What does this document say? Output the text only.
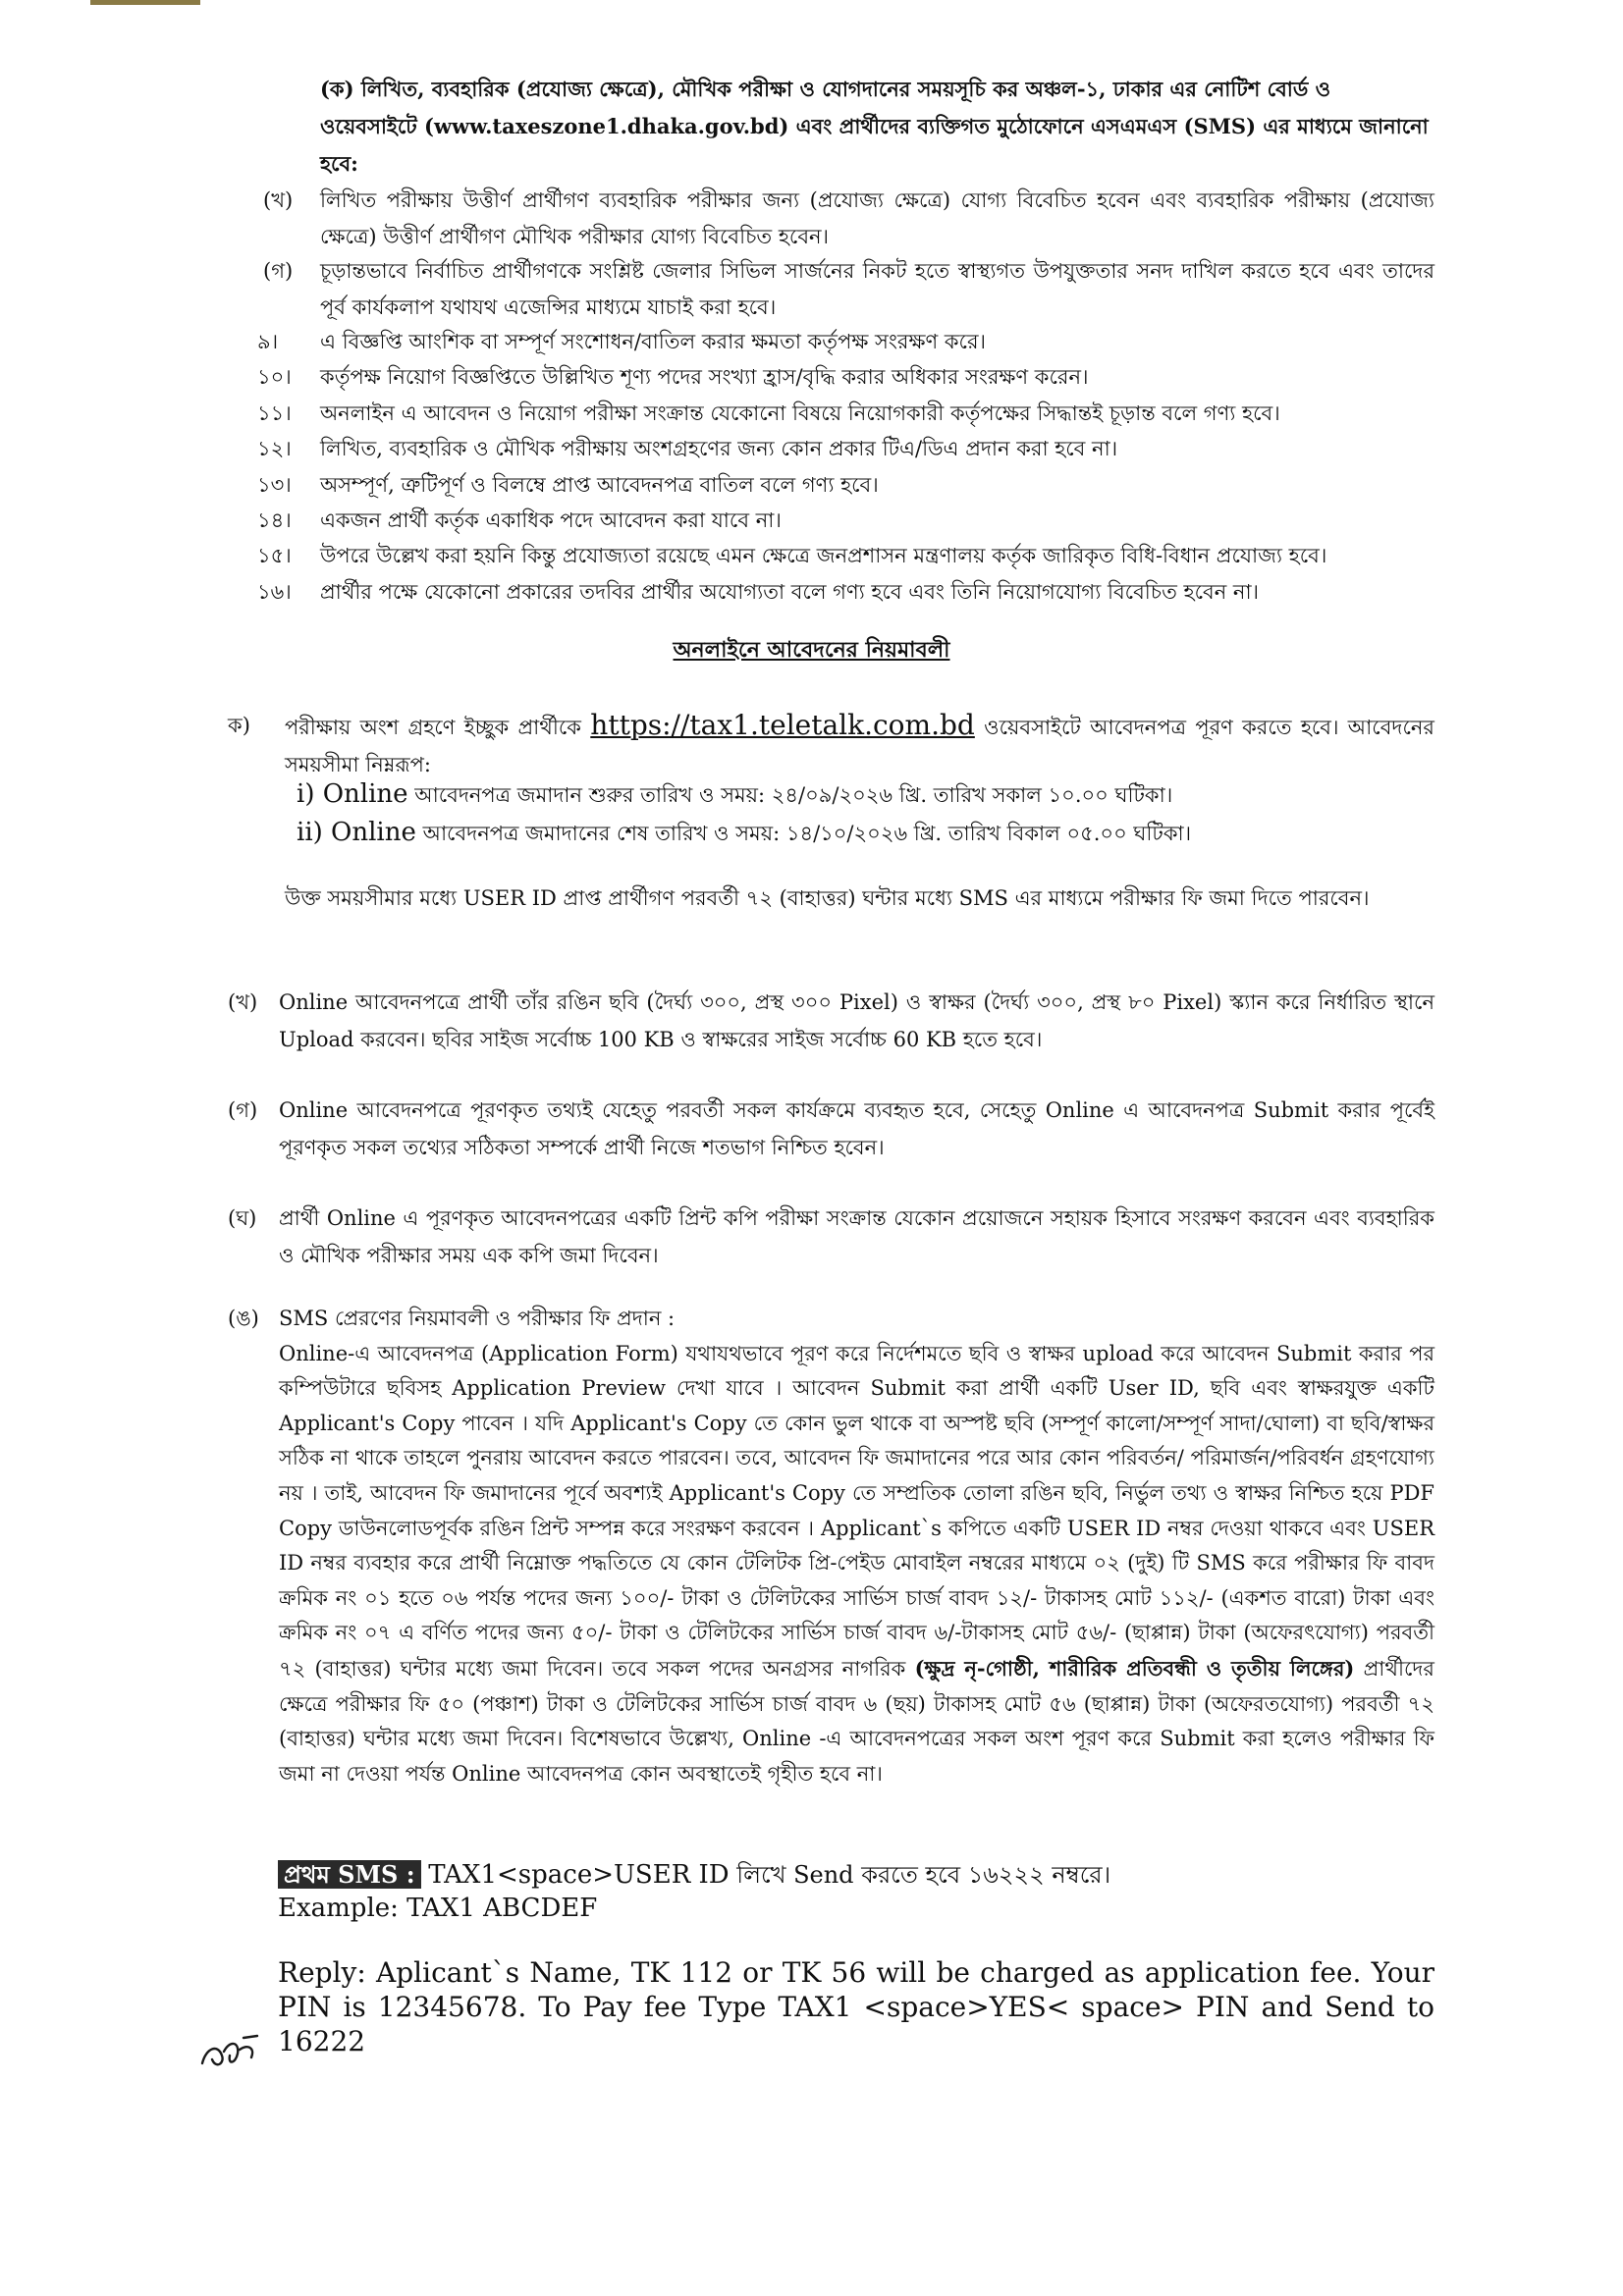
(ক) লিখিত, ব্যবহারিক (প্রযোজ্য ক্ষেত্রে), মৌখিক পরীক্ষা ও যোগদানের সময়সূচি কর অঞ্চল-১, ঢাকার এর নোটিশ বোর্ড ও ওয়েবসাইটে (www.taxeszone1.dhaka.gov.bd) এবং প্রার্থীদের ব্যক্তিগত মুঠোফোনে এসএমএস (SMS) এর মাধ্যমে জানানো হবে:
(খ)	লিখিত পরীক্ষায় উত্তীর্ণ প্রার্থীগণ ব্যবহারিক পরীক্ষার জন্য (প্রযোজ্য ক্ষেত্রে) যোগ্য বিবেচিত হবেন এবং ব্যবহারিক পরীক্ষায় (প্রযোজ্য ক্ষেত্রে) উত্তীর্ণ প্রার্থীগণ মৌখিক পরীক্ষার যোগ্য বিবেচিত হবেন।
(গ)	চূড়ান্তভাবে নির্বাচিত প্রার্থীগণকে সংশ্লিষ্ট জেলার সিভিল সার্জনের নিকট হতে স্বাস্থ্যগত উপযুক্ততার সনদ দাখিল করতে হবে এবং তাদের পূর্ব কার্যকলাপ যথাযথ এজেন্সির মাধ্যমে যাচাই করা হবে।
৯।	এ বিজ্ঞপ্তি আংশিক বা সম্পূর্ণ সংশোধন/বাতিল করার ক্ষমতা কর্তৃপক্ষ সংরক্ষণ করে।
১০।	কর্তৃপক্ষ নিয়োগ বিজ্ঞপ্তিতে উল্লিখিত শূণ্য পদের সংখ্যা হ্রাস/বৃদ্ধি করার অধিকার সংরক্ষণ করেন।
১১।	অনলাইন এ আবেদন ও নিয়োগ পরীক্ষা সংক্রান্ত যেকোনো বিষয়ে নিয়োগকারী কর্তৃপক্ষের সিদ্ধান্তই চূড়ান্ত বলে গণ্য হবে।
১২।	লিখিত, ব্যবহারিক ও মৌখিক পরীক্ষায় অংশগ্রহণের জন্য কোন প্রকার টিএ/ডিএ প্রদান করা হবে না।
১৩।	অসম্পূর্ণ, ত্রুটিপূর্ণ ও বিলম্বে প্রাপ্ত আবেদনপত্র বাতিল বলে গণ্য হবে।
১৪।	একজন প্রার্থী কর্তৃক একাধিক পদে আবেদন করা যাবে না।
১৫।	উপরে উল্লেখ করা হয়নি কিন্তু প্রযোজ্যতা রয়েছে এমন ক্ষেত্রে জনপ্রশাসন মন্ত্রণালয় কর্তৃক জারিকৃত বিধি-বিধান প্রযোজ্য হবে।
১৬।	প্রার্থীর পক্ষে যেকোনো প্রকারের তদবির প্রার্থীর অযোগ্যতা বলে গণ্য হবে এবং তিনি নিয়োগযোগ্য বিবেচিত হবেন না।
অনলাইনে আবেদনের নিয়মাবলী
ক)	পরীক্ষায় অংশ গ্রহণে ইচ্ছুক প্রার্থীকে https://tax1.teletalk.com.bd ওয়েবসাইটে আবেদনপত্র পূরণ করতে হবে। আবেদনের সময়সীমা নিম্নরূপ:
i) Online আবেদনপত্র জমাদান শুরুর তারিখ ও সময়: ২৪/০৯/২০২৬ খ্রি. তারিখ সকাল ১০.০০ ঘটিকা।
ii) Online আবেদনপত্র জমাদানের শেষ তারিখ ও সময়: ১৪/১০/২০২৬ খ্রি. তারিখ বিকাল ০৫.০০ ঘটিকা।
উক্ত সময়সীমার মধ্যে USER ID প্রাপ্ত প্রার্থীগণ পরবর্তী ৭২ (বাহাত্তর) ঘন্টার মধ্যে SMS এর মাধ্যমে পরীক্ষার ফি জমা দিতে পারবেন।
(খ)	Online আবেদনপত্রে প্রার্থী তাঁর রঙিন ছবি (দৈর্ঘ্য ৩০০, প্রস্থ ৩০০ Pixel) ও স্বাক্ষর (দৈর্ঘ্য ৩০০, প্রস্থ ৮০ Pixel) স্ক্যান করে নির্ধারিত স্থানে Upload করবেন। ছবির সাইজ সর্বোচ্চ 100 KB ও স্বাক্ষরের সাইজ সর্বোচ্চ 60 KB হতে হবে।
(গ)	Online আবেদনপত্রে পূরণকৃত তথ্যই যেহেতু পরবর্তী সকল কার্যক্রমে ব্যবহৃত হবে, সেহেতু Online এ আবেদনপত্র Submit করার পূর্বেই পূরণকৃত সকল তথ্যের সঠিকতা সম্পর্কে প্রার্থী নিজে শতভাগ নিশ্চিত হবেন।
(ঘ)	প্রার্থী Online এ পূরণকৃত আবেদনপত্রের একটি প্রিন্ট কপি পরীক্ষা সংক্রান্ত যেকোন প্রয়োজনে সহায়ক হিসাবে সংরক্ষণ করবেন এবং ব্যবহারিক ও মৌখিক পরীক্ষার সময় এক কপি জমা দিবেন।
(ঙ) SMS প্রেরণের নিয়মাবলী ও পরীক্ষার ফি প্রদান :
Online-এ আবেদনপত্র (Application Form) যথাযথভাবে পূরণ করে নির্দেশমতে ছবি ও স্বাক্ষর upload করে আবেদন Submit করার পর কম্পিউটারে ছবিসহ Application Preview দেখা যাবে । আবেদন Submit করা প্রার্থী একটি User ID, ছবি এবং স্বাক্ষরযুক্ত একটি Applicant's Copy পাবেন । যদি Applicant's Copy তে কোন ভুল থাকে বা অস্পষ্ট ছবি (সম্পূর্ণ কালো/সম্পূর্ণ সাদা/ঘোলা) বা ছবি/স্বাক্ষর সঠিক না থাকে তাহলে পুনরায় আবেদন করতে পারবেন। তবে, আবেদন ফি জমাদানের পরে আর কোন পরিবর্তন/ পরিমার্জন/পরিবর্ধন গ্রহণযোগ্য নয় । তাই, আবেদন ফি জমাদানের পূর্বে অবশ্যই Applicant's Copy তে সম্প্রতিক তোলা রঙিন ছবি, নির্ভুল তথ্য ও স্বাক্ষর নিশ্চিত হয়ে PDF Copy ডাউনলোডপূর্বক রঙিন প্রিন্ট সম্পন্ন করে সংরক্ষণ করবেন । Applicant`s কপিতে একটি USER ID নম্বর দেওয়া থাকবে এবং USER ID নম্বর ব্যবহার করে প্রার্থী নিম্নোক্ত পদ্ধতিতে যে কোন টেলিটক প্রি-পেইড মোবাইল নম্বরের মাধ্যমে ০২ (দুই) টি SMS করে পরীক্ষার ফি বাবদ ক্রমিক নং ০১ হতে ০৬ পর্যন্ত পদের জন্য ১০০/- টাকা ও টেলিটকের সার্ভিস চার্জ বাবদ ১২/- টাকাসহ মোট ১১২/- (একশত বারো) টাকা এবং ক্রমিক নং ০৭ এ বর্ণিত পদের জন্য ৫০/- টাকা ও টেলিটকের সার্ভিস চার্জ বাবদ ৬/-টাকাসহ মোট ৫৬/- (ছাপ্পান্ন) টাকা (অফেরৎযোগ্য) পরবর্তী ৭২ (বাহাত্তর) ঘন্টার মধ্যে জমা দিবেন। তবে সকল পদের অনগ্রসর নাগরিক (ক্ষুদ্র নৃ-গোষ্ঠী, শারীরিক প্রতিবন্ধী ও তৃতীয় লিঙ্গের) প্রার্থীদের ক্ষেত্রে পরীক্ষার ফি ৫০ (পঞ্চাশ) টাকা ও টেলিটকের সার্ভিস চার্জ বাবদ ৬ (ছয়) টাকাসহ মোট ৫৬ (ছাপ্পান্ন) টাকা (অফেরতযোগ্য) পরবর্তী ৭২ (বাহাত্তর) ঘন্টার মধ্যে জমা দিবেন। বিশেষভাবে উল্লেখ্য, Online -এ আবেদনপত্রের সকল অংশ পূরণ করে Submit করা হলেও পরীক্ষার ফি জমা না দেওয়া পর্যন্ত Online আবেদনপত্র কোন অবস্থাতেই গৃহীত হবে না।
প্রথম SMS : TAX1<space>USER ID লিখে Send করতে হবে ১৬২২২ নম্বরে।
Example: TAX1 ABCDEF
Reply: Aplicant`s Name, TK 112 or TK 56 will be charged as application fee. Your PIN is 12345678. To Pay fee Type TAX1 <space>YES< space> PIN and Send to 16222
